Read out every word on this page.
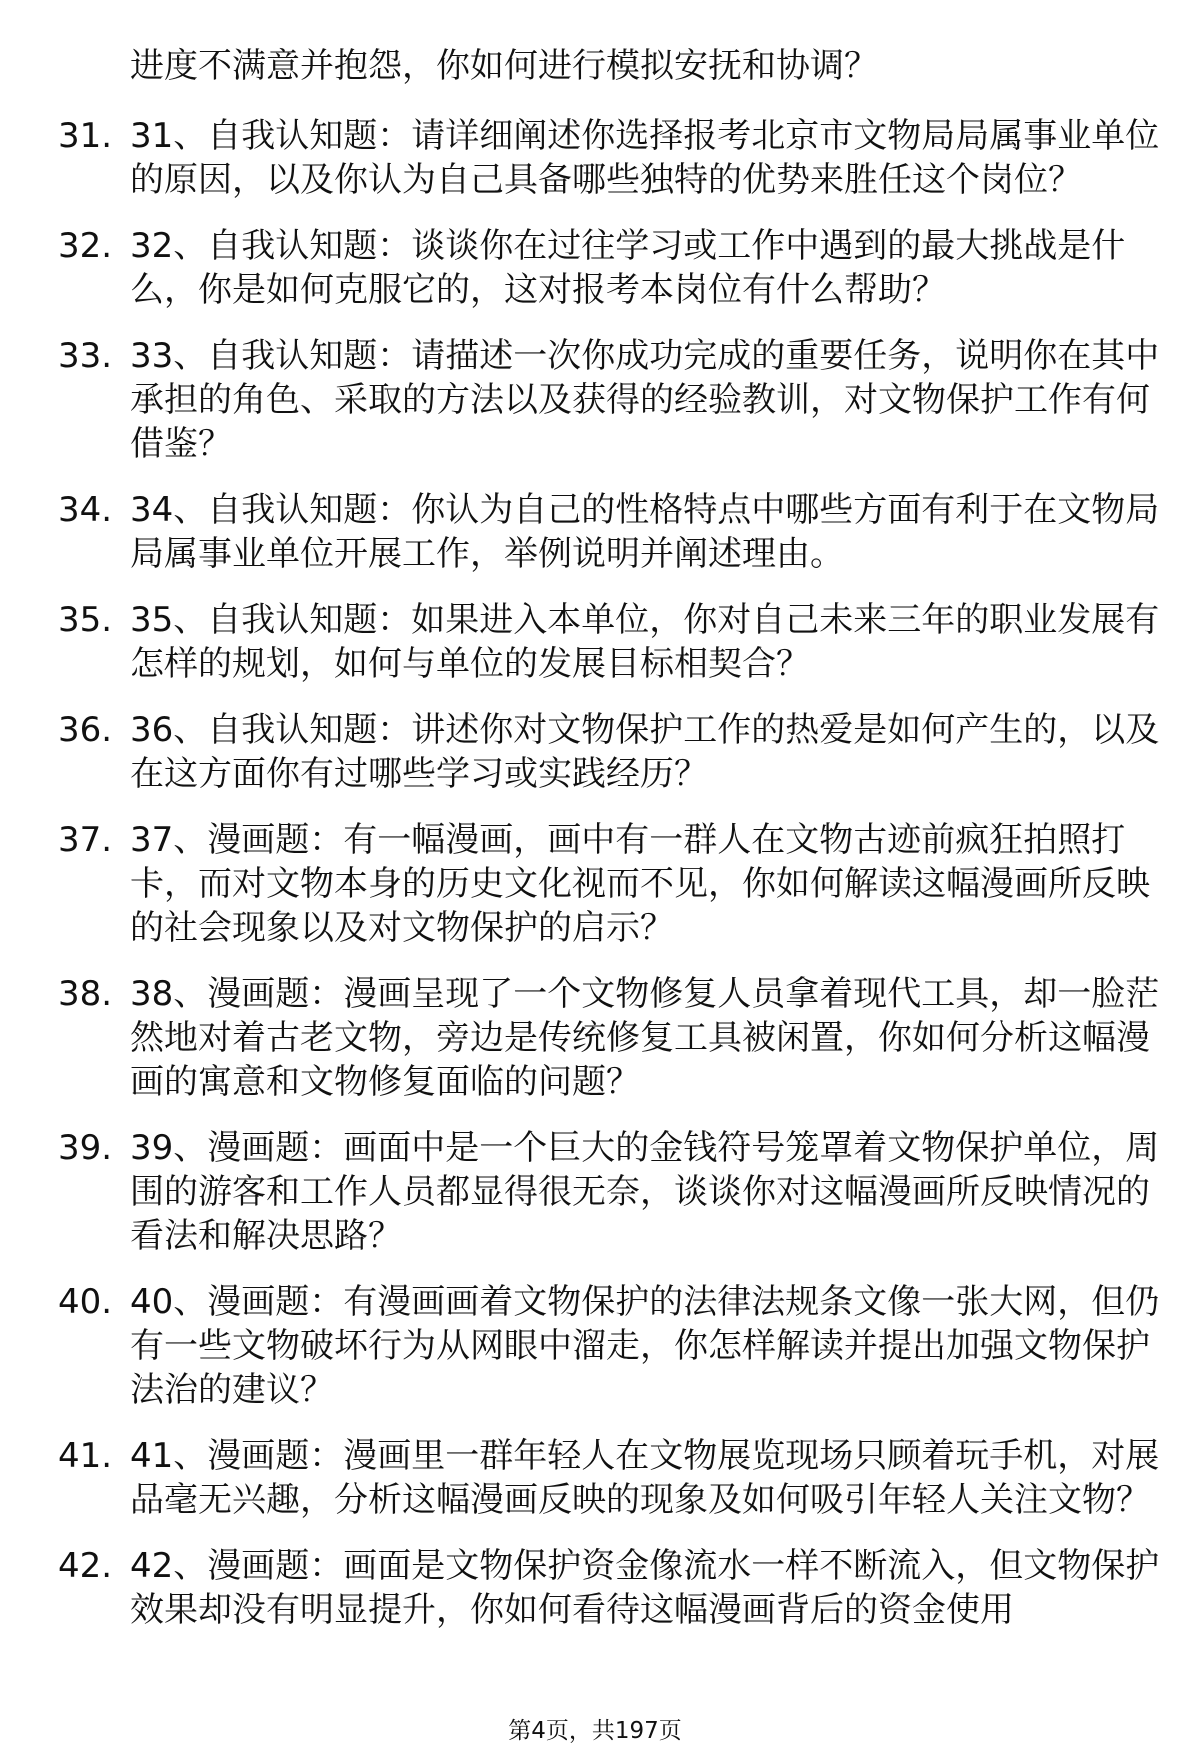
进度不满意并抱怨，你如何进行模拟安抚和协调？

31. 31、自我认知题：请详细阐述你选择报考北京市文物局局属事业单位的原因，以及你认为自己具备哪些独特的优势来胜任这个岗位？
32. 32、自我认知题：谈谈你在过往学习或工作中遇到的最大挑战是什么，你是如何克服它的，这对报考本岗位有什么帮助？
33. 33、自我认知题：请描述一次你成功完成的重要任务，说明你在其中承担的角色、采取的方法以及获得的经验教训，对文物保护工作有何借鉴？
34. 34、自我认知题：你认为自己的性格特点中哪些方面有利于在文物局局属事业单位开展工作，举例说明并阐述理由。
35. 35、自我认知题：如果进入本单位，你对自己未来三年的职业发展有怎样的规划，如何与单位的发展目标相契合？
36. 36、自我认知题：讲述你对文物保护工作的热爱是如何产生的，以及在这方面你有过哪些学习或实践经历？
37. 37、漫画题：有一幅漫画，画中有一群人在文物古迹前疯狂拍照打卡，而对文物本身的历史文化视而不见，你如何解读这幅漫画所反映的社会现象以及对文物保护的启示？
38. 38、漫画题：漫画呈现了一个文物修复人员拿着现代工具，却一脸茫然地对着古老文物，旁边是传统修复工具被闲置，你如何分析这幅漫画的寓意和文物修复面临的问题？
39. 39、漫画题：画面中是一个巨大的金钱符号笼罩着文物保护单位，周围的游客和工作人员都显得很无奈，谈谈你对这幅漫画所反映情况的看法和解决思路？
40. 40、漫画题：有漫画画着文物保护的法律法规条文像一张大网，但仍有一些文物破坏行为从网眼中溜走，你怎样解读并提出加强文物保护法治的建议？
41. 41、漫画题：漫画里一群年轻人在文物展览现场只顾着玩手机，对展品毫无兴趣，分析这幅漫画反映的现象及如何吸引年轻人关注文物？
42. 42、漫画题：画面是文物保护资金像流水一样不断流入，但文物保护效果却没有明显提升，你如何看待这幅漫画背后的资金使用
第4页，共197页
